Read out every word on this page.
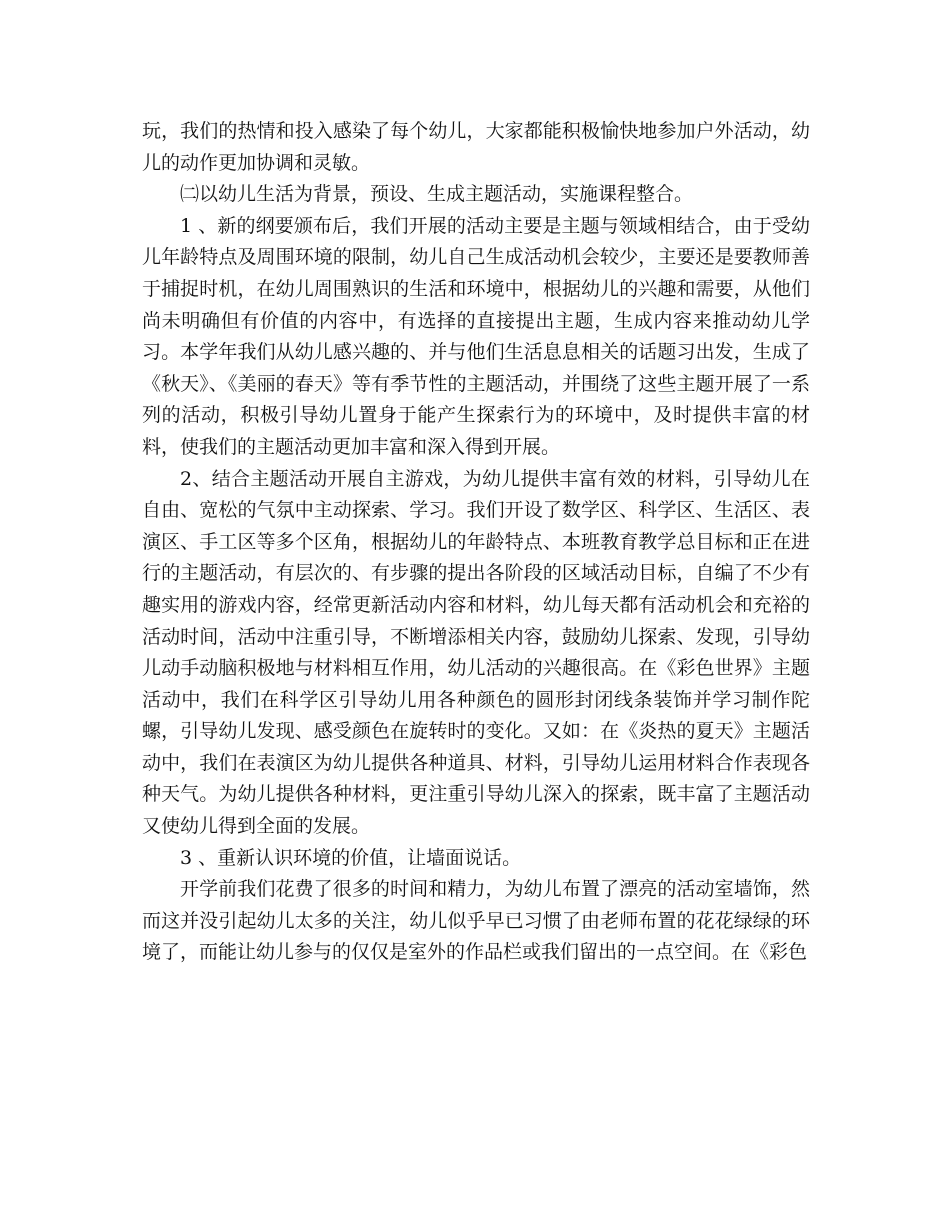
玩，我们的热情和投入感染了每个幼儿，大家都能积极愉快地参加户外活动，幼儿的动作更加协调和灵敏。

㈡以幼儿生活为背景，预设、生成主题活动，实施课程整合。

1 、新的纲要颁布后，我们开展的活动主要是主题与领域相结合，由于受幼儿年龄特点及周围环境的限制，幼儿自己生成活动机会较少，主要还是要教师善于捕捉时机，在幼儿周围熟识的生活和环境中，根据幼儿的兴趣和需要，从他们尚未明确但有价值的内容中，有选择的直接提出主题，生成内容来推动幼儿学习。本学年我们从幼儿感兴趣的、并与他们生活息息相关的话题习出发，生成了《秋天》、《美丽的春天》等有季节性的主题活动，并围绕了这些主题开展了一系列的活动，积极引导幼儿置身于能产生探索行为的环境中，及时提供丰富的材料，使我们的主题活动更加丰富和深入得到开展。

2、结合主题活动开展自主游戏，为幼儿提供丰富有效的材料，引导幼儿在自由、宽松的气氛中主动探索、学习。我们开设了数学区、科学区、生活区、表演区、手工区等多个区角，根据幼儿的年龄特点、本班教育教学总目标和正在进行的主题活动，有层次的、有步骤的提出各阶段的区域活动目标，自编了不少有趣实用的游戏内容，经常更新活动内容和材料，幼儿每天都有活动机会和充裕的活动时间，活动中注重引导，不断增添相关内容，鼓励幼儿探索、发现，引导幼儿动手动脑积极地与材料相互作用，幼儿活动的兴趣很高。在《彩色世界》主题活动中，我们在科学区引导幼儿用各种颜色的圆形封闭线条装饰并学习制作陀螺，引导幼儿发现、感受颜色在旋转时的变化。又如：在《炎热的夏天》主题活动中，我们在表演区为幼儿提供各种道具、材料，引导幼儿运用材料合作表现各种天气。为幼儿提供各种材料，更注重引导幼儿深入的探索，既丰富了主题活动又使幼儿得到全面的发展。

3 、重新认识环境的价值，让墙面说话。

开学前我们花费了很多的时间和精力，为幼儿布置了漂亮的活动室墙饰，然而这并没引起幼儿太多的关注，幼儿似乎早已习惯了由老师布置的花花绿绿的环境了，而能让幼儿参与的仅仅是室外的作品栏或我们留出的一点空间。在《彩色
